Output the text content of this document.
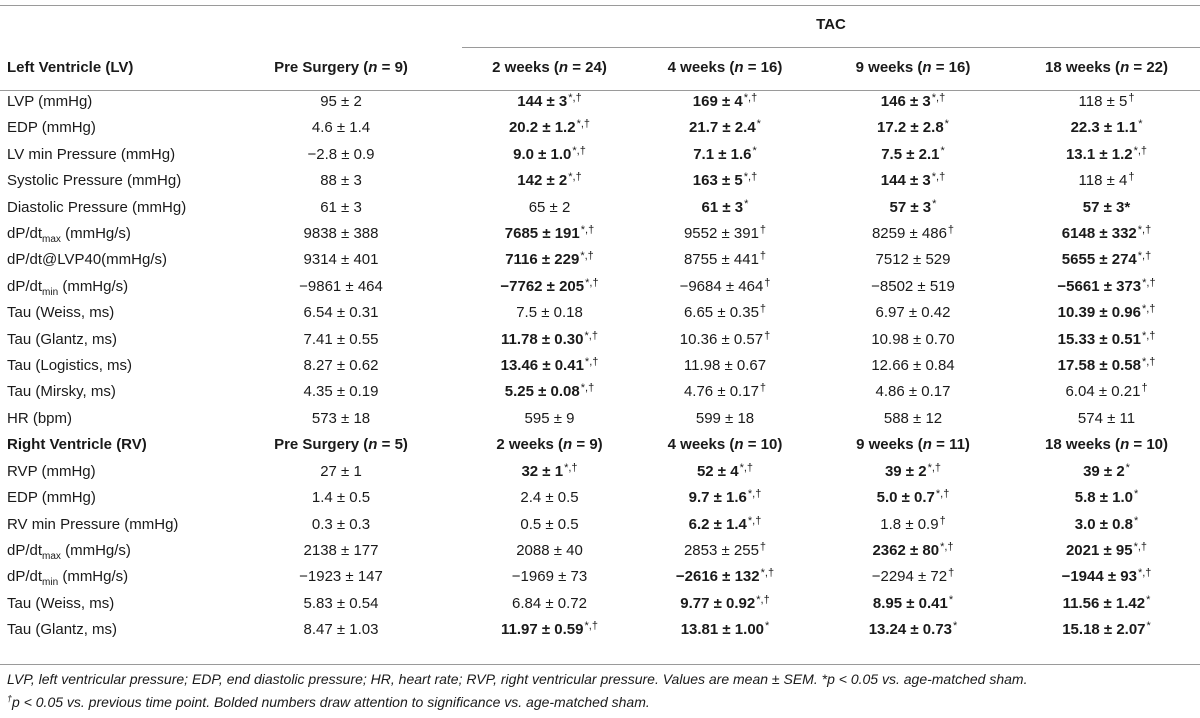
		TAC			
Left Ventricle (LV)	Pre Surgery (n = 9)	2 weeks (n = 24)	4 weeks (n = 16)	9 weeks (n = 16)	18 weeks (n = 22)
LVP (mmHg)	95 ± 2	144 ± 3*,†	169 ± 4*,†	146 ± 3*,†	118 ± 5†
EDP (mmHg)	4.6 ± 1.4	20.2 ± 1.2*,†	21.7 ± 2.4*	17.2 ± 2.8*	22.3 ± 1.1*
LV min Pressure (mmHg)	−2.8 ± 0.9	9.0 ± 1.0*,†	7.1 ± 1.6*	7.5 ± 2.1*	13.1 ± 1.2*,†
Systolic Pressure (mmHg)	88 ± 3	142 ± 2*,†	163 ± 5*,†	144 ± 3*,†	118 ± 4†
Diastolic Pressure (mmHg)	61 ± 3	65 ± 2	61 ± 3*	57 ± 3*	57 ± 3*
$dP/dt_{max}$ (mmHg/s)	9838 ± 388	7685 ± 191*,†	9552 ± 391†	8259 ± 486†	6148 ± 332*,†
dP/dt@LVP40(mmHg/s)	9314 ± 401	7116 ± 229*,†	8755 ± 441†	7512 ± 529	5655 ± 274*,†
$dP/dt_{min}$ (mmHg/s)	−9861 ± 464	−7762 ± 205*,†	−9684 ± 464†	−8502 ± 519	−5661 ± 373*,†
Tau (Weiss, ms)	6.54 ± 0.31	7.5 ± 0.18	6.65 ± 0.35†	6.97 ± 0.42	10.39 ± 0.96*,†
Tau (Glantz, ms)	7.41 ± 0.55	11.78 ± 0.30*,†	10.36 ± 0.57†	10.98 ± 0.70	15.33 ± 0.51*,†
Tau (Logistics, ms)	8.27 ± 0.62	13.46 ± 0.41*,†	11.98 ± 0.67	12.66 ± 0.84	17.58 ± 0.58*,†
Tau (Mirsky, ms)	4.35 ± 0.19	5.25 ± 0.08*,†	4.76 ± 0.17†	4.86 ± 0.17	6.04 ± 0.21†
HR (bpm)	573 ± 18	595 ± 9	599 ± 18	588 ± 12	574 ± 11
Right Ventricle (RV)	Pre Surgery (n = 5)	2 weeks (n = 9)	4 weeks (n = 10)	9 weeks (n = 11)	18 weeks (n = 10)
RVP (mmHg)	27 ± 1	32 ± 1*,†	52 ± 4*,†	39 ± 2*,†	39 ± 2*
EDP (mmHg)	1.4 ± 0.5	2.4 ± 0.5	9.7 ± 1.6*,†	5.0 ± 0.7*,†	5.8 ± 1.0*
RV min Pressure (mmHg)	0.3 ± 0.3	0.5 ± 0.5	6.2 ± 1.4*,†	1.8 ± 0.9†	3.0 ± 0.8*
$dP/dt_{max}$ (mmHg/s)	2138 ± 177	2088 ± 40	2853 ± 255†	2362 ± 80*,†	2021 ± 95*,†
$dP/dt_{min}$ (mmHg/s)	−1923 ± 147	−1969 ± 73	−2616 ± 132*,†	−2294 ± 72†	−1944 ± 93*,†
Tau (Weiss, ms)	5.83 ± 0.54	6.84 ± 0.72	9.77 ± 0.92*,†	8.95 ± 0.41*	11.56 ± 1.42*
Tau (Glantz, ms)	8.47 ± 1.03	11.97 ± 0.59*,†	13.81 ± 1.00*	13.24 ± 0.73*	15.18 ± 2.07*
LVP, left ventricular pressure; EDP, end diastolic pressure; HR, heart rate; RVP, right ventricular pressure. Values are mean ± SEM. *p < 0.05 vs. age-matched sham.
†p < 0.05 vs. previous time point. Bolded numbers draw attention to significance vs. age-matched sham.
